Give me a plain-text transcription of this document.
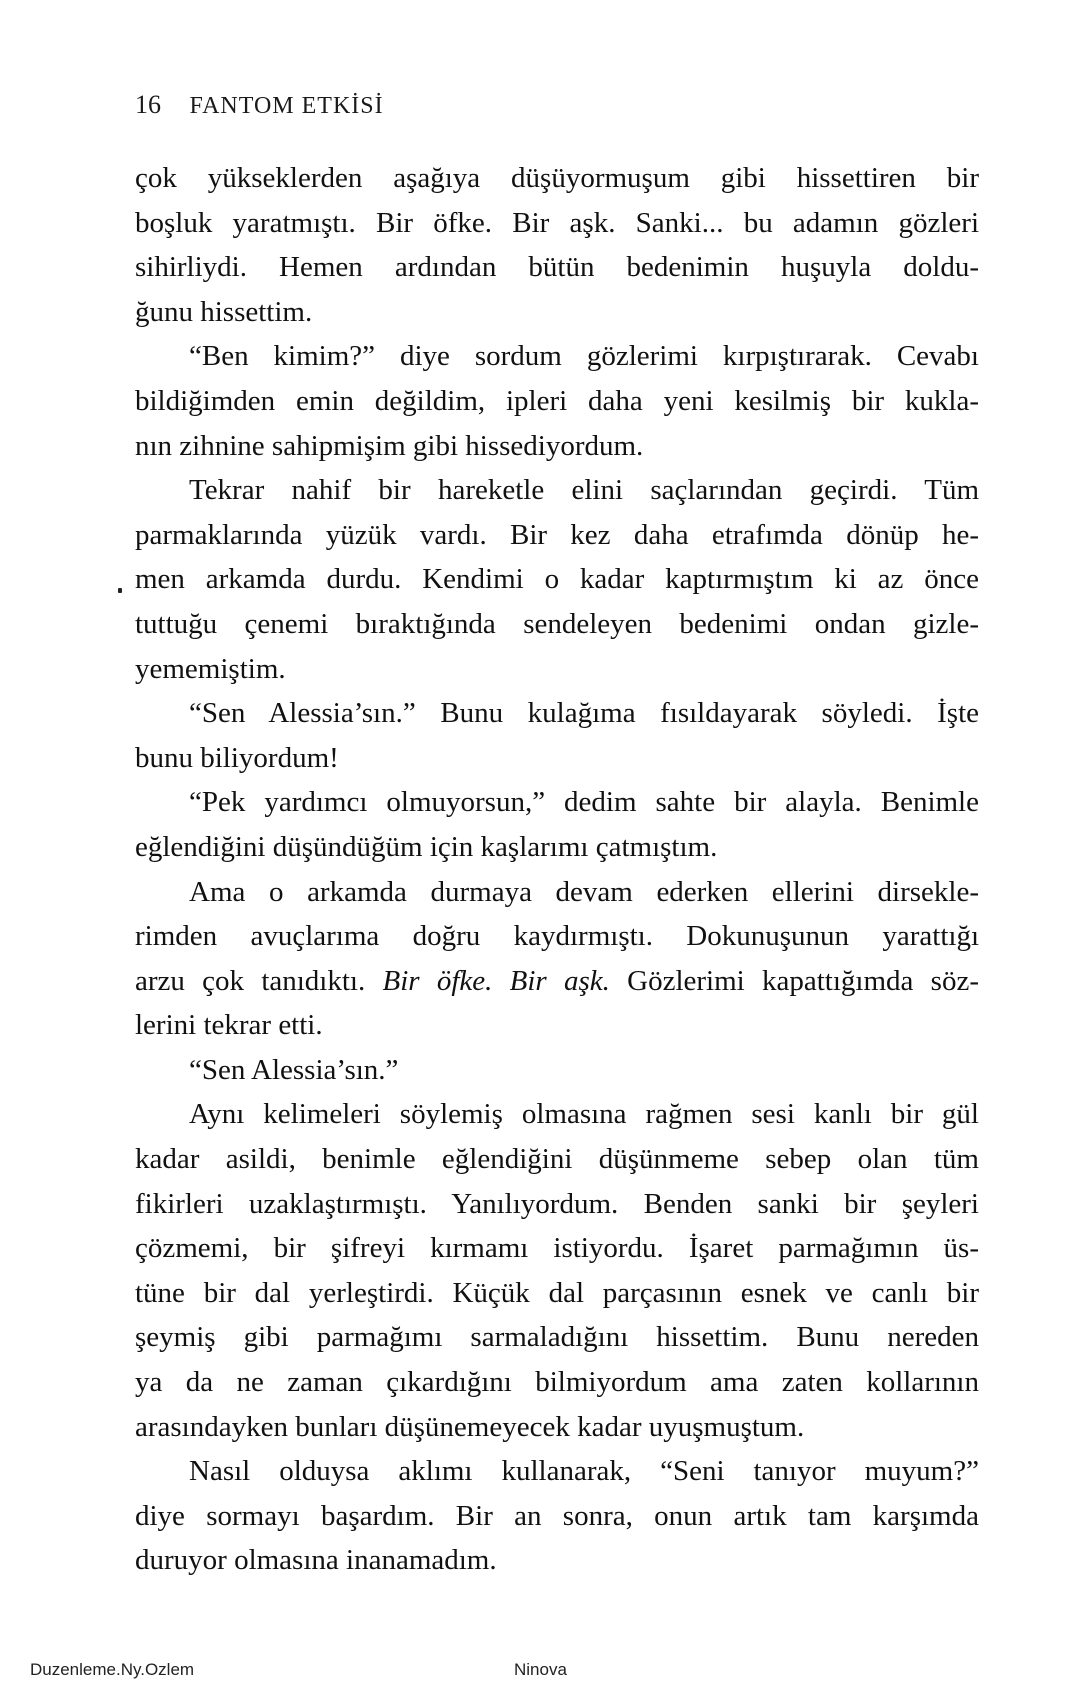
16 FANTOM ETKİSİ
çok yükseklerden aşağıya düşüyormuşum gibi hissettiren bir
boşluk yaratmıştı. Bir öfke. Bir aşk. Sanki... bu adamın gözleri
sihirliydi. Hemen ardından bütün bedenimin huşuyla doldu-
ğunu hissettim.
“Ben kimim?” diye sordum gözlerimi kırpıştırarak. Cevabı
bildiğimden emin değildim, ipleri daha yeni kesilmiş bir kukla-
nın zihnine sahipmişim gibi hissediyordum.
Tekrar nahif bir hareketle elini saçlarından geçirdi. Tüm
parmaklarında yüzük vardı. Bir kez daha etrafımda dönüp he-
men arkamda durdu. Kendimi o kadar kaptırmıştım ki az önce
tuttuğu çenemi bıraktığında sendeleyen bedenimi ondan gizle-
yememiştim.
“Sen Alessia’sın.” Bunu kulağıma fısıldayarak söyledi. İşte
bunu biliyordum!
“Pek yardımcı olmuyorsun,” dedim sahte bir alayla. Benimle
eğlendiğini düşündüğüm için kaşlarımı çatmıştım.
Ama o arkamda durmaya devam ederken ellerini dirsekle-
rimden avuçlarıma doğru kaydırmıştı. Dokunuşunun yarattığı
arzu çok tanıdıktı. Bir öfke. Bir aşk. Gözlerimi kapattığımda söz-
lerini tekrar etti.
“Sen Alessia’sın.”
Aynı kelimeleri söylemiş olmasına rağmen sesi kanlı bir gül
kadar asildi, benimle eğlendiğini düşünmeme sebep olan tüm
fikirleri uzaklaştırmıştı. Yanılıyordum. Benden sanki bir şeyleri
çözmemi, bir şifreyi kırmamı istiyordu. İşaret parmağımın üs-
tüne bir dal yerleştirdi. Küçük dal parçasının esnek ve canlı bir
şeymiş gibi parmağımı sarmaladığını hissettim. Bunu nereden
ya da ne zaman çıkardığını bilmiyordum ama zaten kollarının
arasındayken bunları düşünemeyecek kadar uyuşmuştum.
Nasıl olduysa aklımı kullanarak, “Seni tanıyor muyum?”
diye sormayı başardım. Bir an sonra, onun artık tam karşımda
duruyor olmasına inanamadım.
Duzenleme.Ny.Ozlem	Ninova
